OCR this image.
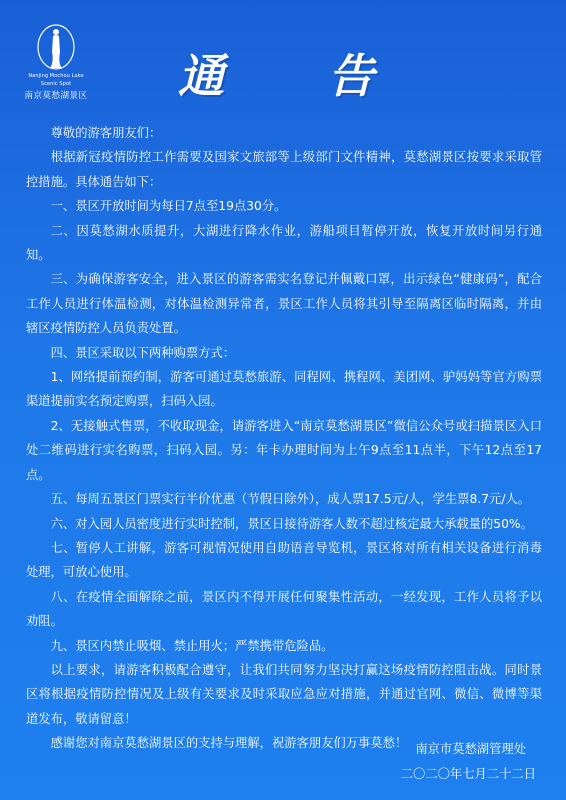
Nanjing Mochou Lake
Scenic Spot
南京莫愁湖景区	通 告

尊敬的游客朋友们：

根据新冠疫情防控工作需要及国家文旅部等上级部门文件精神，莫愁湖景区按要求采取管控措施。具体通告如下：

一、景区开放时间为每日7点至19点30分。

二、因莫愁湖水质提升，大湖进行降水作业，游船项目暂停开放，恢复开放时间另行通知。

三、为确保游客安全，进入景区的游客需实名登记并佩戴口罩，出示绿色“健康码”，配合工作人员进行体温检测，对体温检测异常者，景区工作人员将其引导至隔离区临时隔离，并由辖区疫情防控人员负责处置。

四、景区采取以下两种购票方式：

1、网络提前预约制，游客可通过莫愁旅游、同程网、携程网、美团网、驴妈妈等官方购票渠道提前实名预定购票，扫码入园。

2、无接触式售票，不收取现金，请游客进入“南京莫愁湖景区”微信公众号或扫描景区入口处二维码进行实名购票，扫码入园。另：年卡办理时间为上午9点至11点半，下午12点至17点。

五、每周五景区门票实行半价优惠（节假日除外），成人票17.5元/人，学生票8.7元/人。

六、对入园人员密度进行实时控制，景区日接待游客人数不超过核定最大承载量的50%。

七、暂停人工讲解，游客可视情况使用自助语音导览机，景区将对所有相关设备进行消毒处理，可放心使用。

八、在疫情全面解除之前，景区内不得开展任何聚集性活动，一经发现，工作人员将予以劝阻。

九、景区内禁止吸烟、禁止用火；严禁携带危险品。

以上要求，请游客积极配合遵守，让我们共同努力坚决打赢这场疫情防控阻击战。同时景区将根据疫情防控情况及上级有关要求及时采取应急应对措施，并通过官网、微信、微博等渠道发布，敬请留意！

感谢您对南京莫愁湖景区的支持与理解，祝游客朋友们万事莫愁！ 南京市莫愁湖管理处
二〇二〇年七月二十二日
